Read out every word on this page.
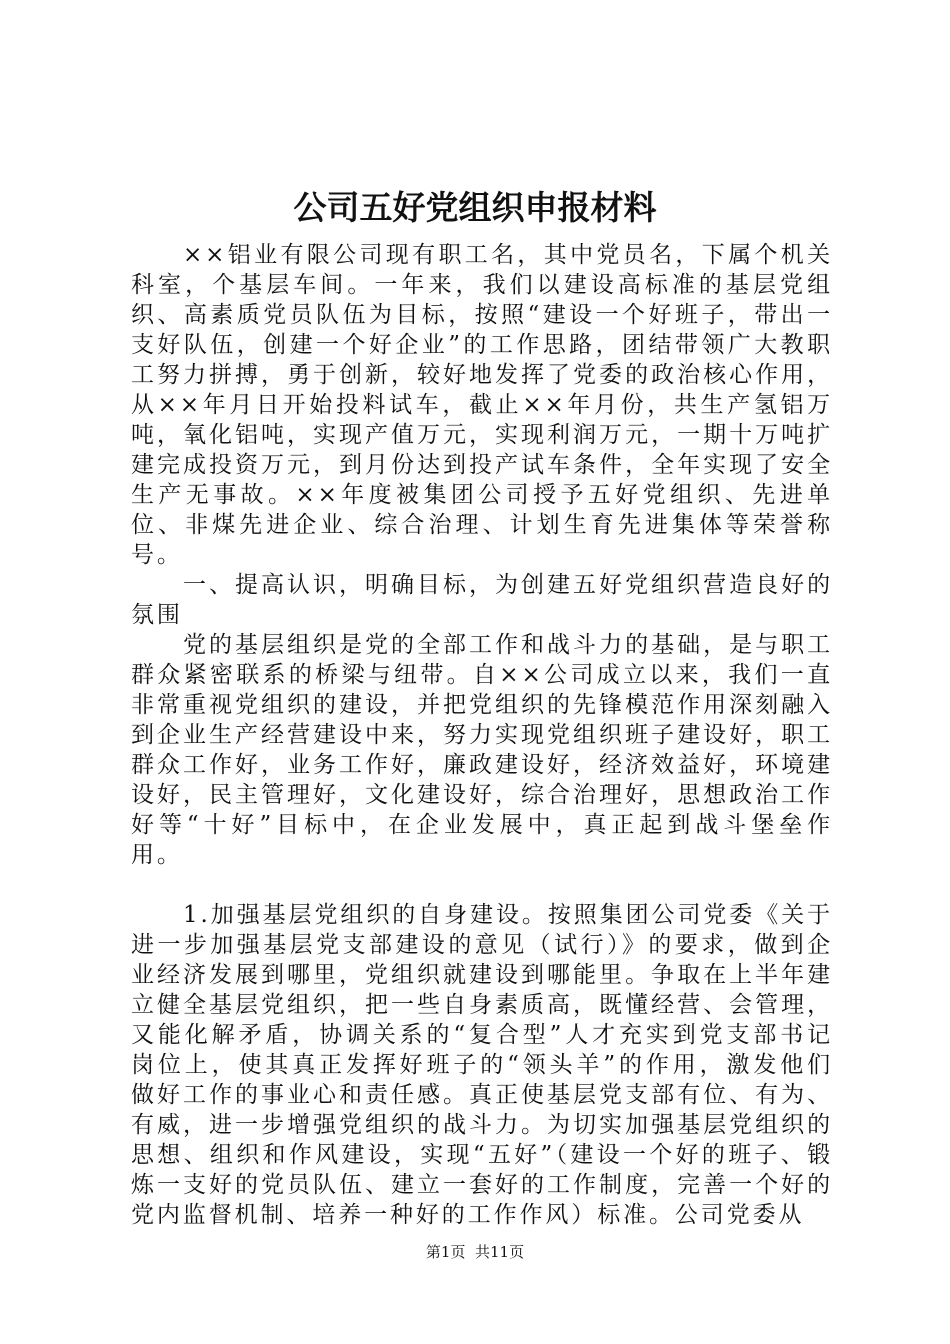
公司五好党组织申报材料

××铝业有限公司现有职工名，其中党员名，下属个机关科室，个基层车间。一年来，我们以建设高标准的基层党组织、高素质党员队伍为目标，按照“建设一个好班子，带出一支好队伍，创建一个好企业”的工作思路，团结带领广大教职工努力拼搏，勇于创新，较好地发挥了党委的政治核心作用，从××年月日开始投料试车，截止××年月份，共生产氢铝万吨，氧化铝吨，实现产值万元，实现利润万元，一期十万吨扩建完成投资万元，到月份达到投产试车条件，全年实现了安全生产无事故。××年度被集团公司授予五好党组织、先进单位、非煤先进企业、综合治理、计划生育先进集体等荣誉称号。

一、提高认识，明确目标，为创建五好党组织营造良好的氛围

党的基层组织是党的全部工作和战斗力的基础，是与职工群众紧密联系的桥梁与纽带。自××公司成立以来，我们一直非常重视党组织的建设，并把党组织的先锋模范作用深刻融入到企业生产经营建设中来，努力实现党组织班子建设好，职工群众工作好，业务工作好，廉政建设好，经济效益好，环境建设好，民主管理好，文化建设好，综合治理好，思想政治工作好等“十好”目标中，在企业发展中，真正起到战斗堡垒作用。

1.加强基层党组织的自身建设。按照集团公司党委《关于进一步加强基层党支部建设的意见（试行）》的要求，做到企业经济发展到哪里，党组织就建设到哪能里。争取在上半年建立健全基层党组织，把一些自身素质高，既懂经营、会管理，又能化解矛盾，协调关系的“复合型”人才充实到党支部书记岗位上，使其真正发挥好班子的“领头羊”的作用，激发他们做好工作的事业心和责任感。真正使基层党支部有位、有为、有威，进一步增强党组织的战斗力。为切实加强基层党组织的思想、组织和作风建设，实现“五好”（建设一个好的班子、锻炼一支好的党员队伍、建立一套好的工作制度，完善一个好的党内监督机制、培养一种好的工作作风）标准。公司党委从

第1页  共11页
